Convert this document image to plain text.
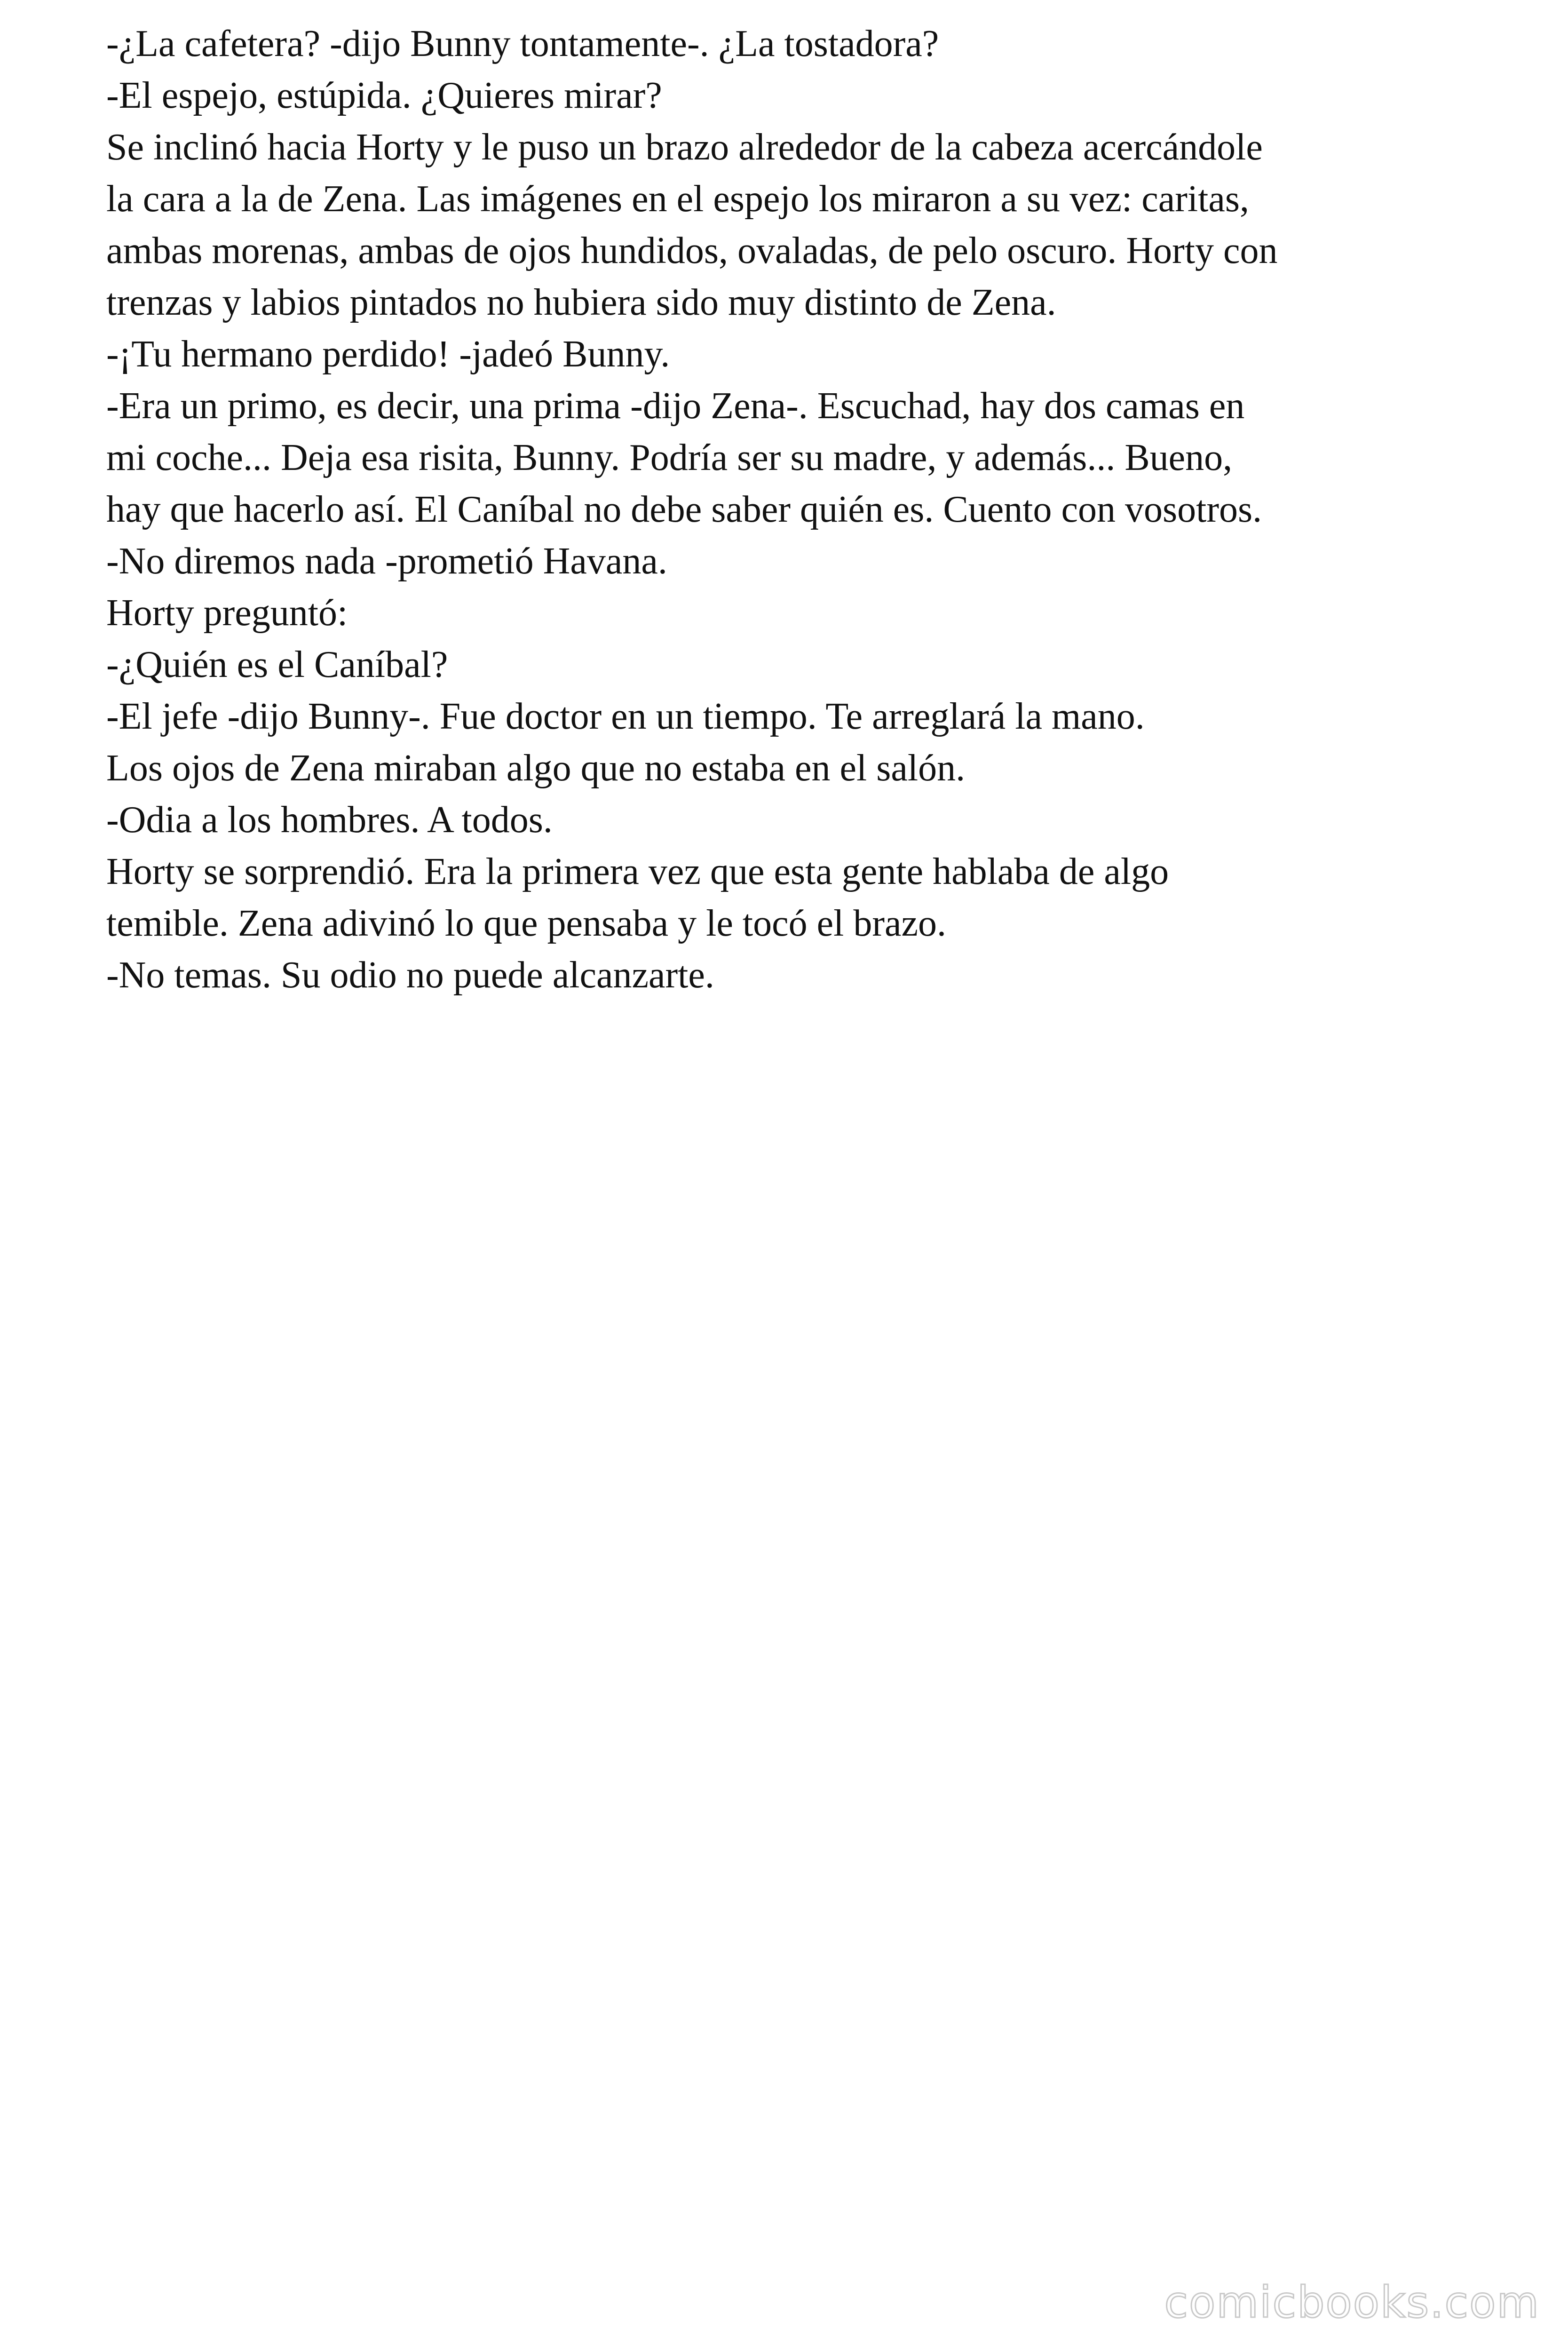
-¿La cafetera? -dijo Bunny tontamente-. ¿La tostadora?
-El espejo, estúpida. ¿Quieres mirar?
Se inclinó hacia Horty y le puso un brazo alrededor de la cabeza acercándole
la cara a la de Zena. Las imágenes en el espejo los miraron a su vez: caritas,
ambas morenas, ambas de ojos hundidos, ovaladas, de pelo oscuro. Horty con
trenzas y labios pintados no hubiera sido muy distinto de Zena.
-¡Tu hermano perdido! -jadeó Bunny.
-Era un primo, es decir, una prima -dijo Zena-. Escuchad, hay dos camas en
mi coche... Deja esa risita, Bunny. Podría ser su madre, y además... Bueno,
hay que hacerlo así. El Caníbal no debe saber quién es. Cuento con vosotros.
-No diremos nada -prometió Havana.
Horty preguntó:
-¿Quién es el Caníbal?
-El jefe -dijo Bunny-. Fue doctor en un tiempo. Te arreglará la mano.
Los ojos de Zena miraban algo que no estaba en el salón.
-Odia a los hombres. A todos.
Horty se sorprendió. Era la primera vez que esta gente hablaba de algo
temible. Zena adivinó lo que pensaba y le tocó el brazo.
-No temas. Su odio no puede alcanzarte.
comicbooks.com
